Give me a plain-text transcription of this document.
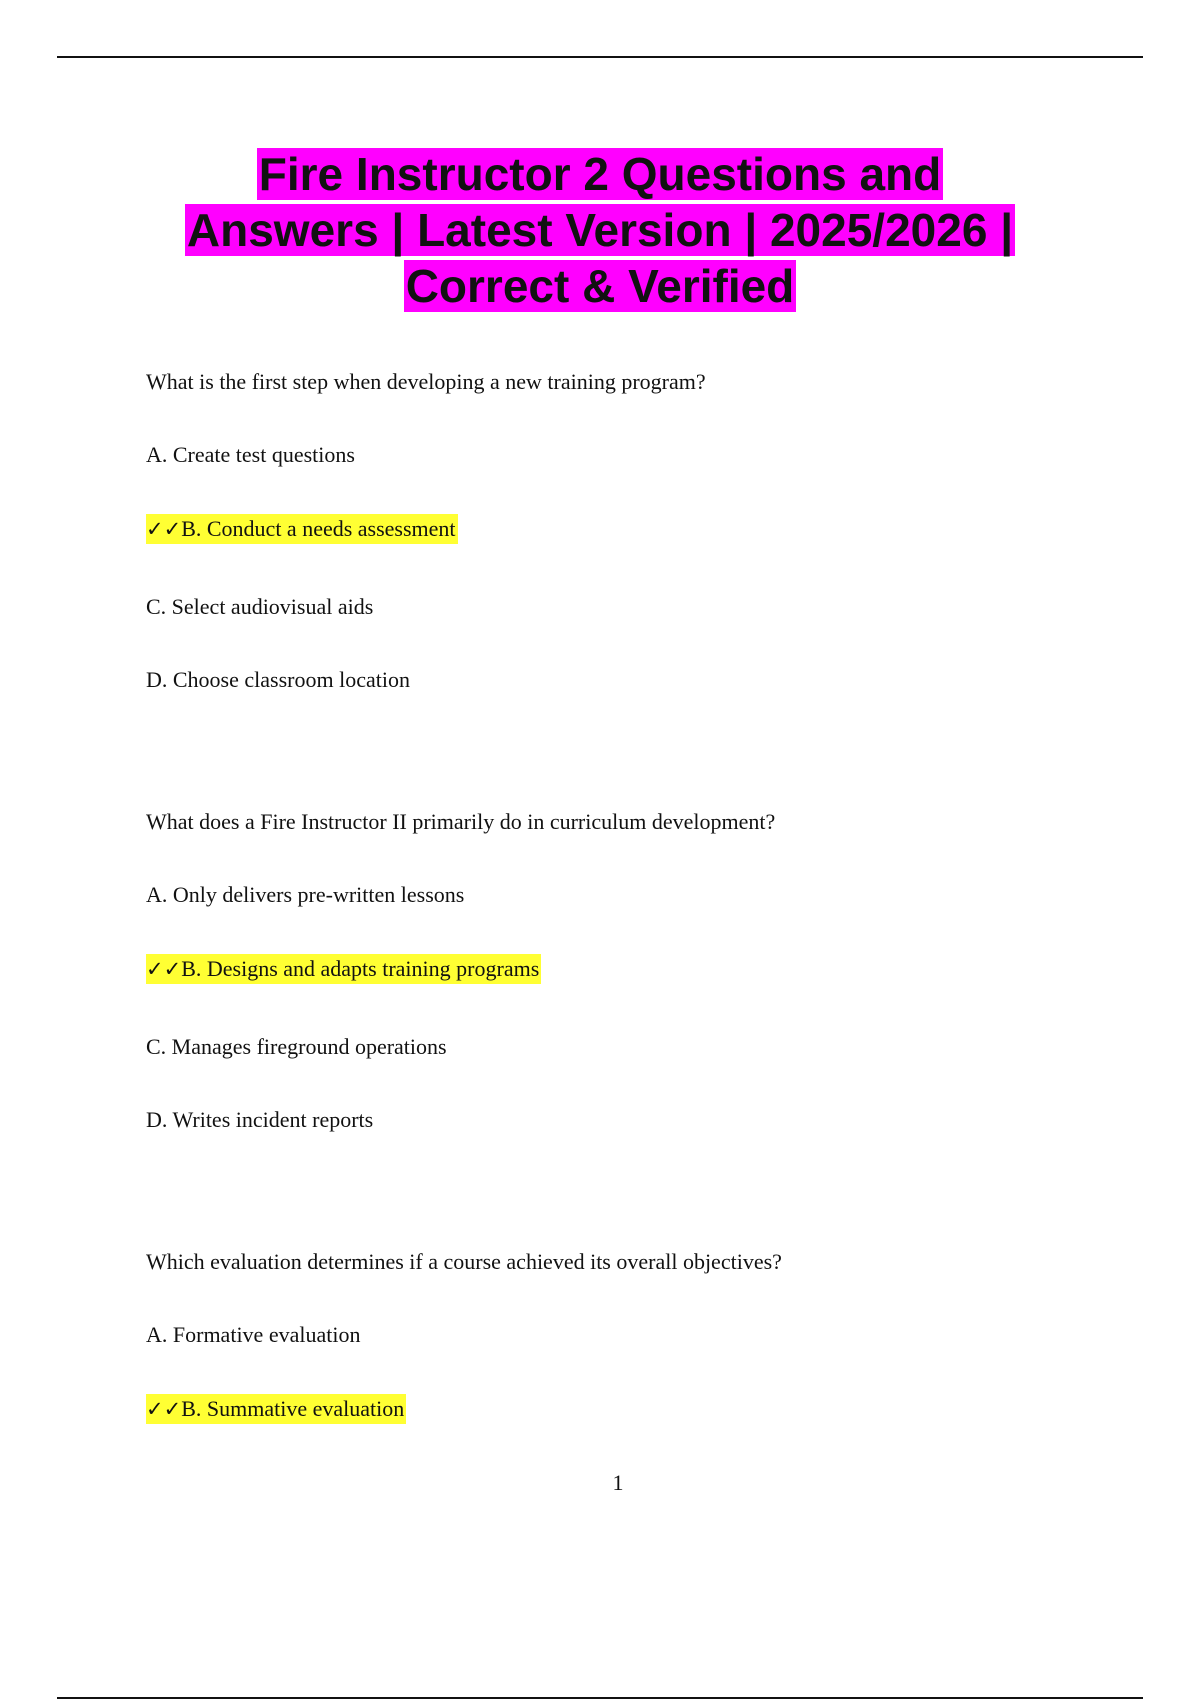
Fire Instructor 2 Questions and
Answers | Latest Version | 2025/2026 |
Correct & Verified
What is the first step when developing a new training program?
A. Create test questions
✓✓B. Conduct a needs assessment
C. Select audiovisual aids
D. Choose classroom location
What does a Fire Instructor II primarily do in curriculum development?
A. Only delivers pre-written lessons
✓✓B. Designs and adapts training programs
C. Manages fireground operations
D. Writes incident reports
Which evaluation determines if a course achieved its overall objectives?
A. Formative evaluation
✓✓B. Summative evaluation
1
